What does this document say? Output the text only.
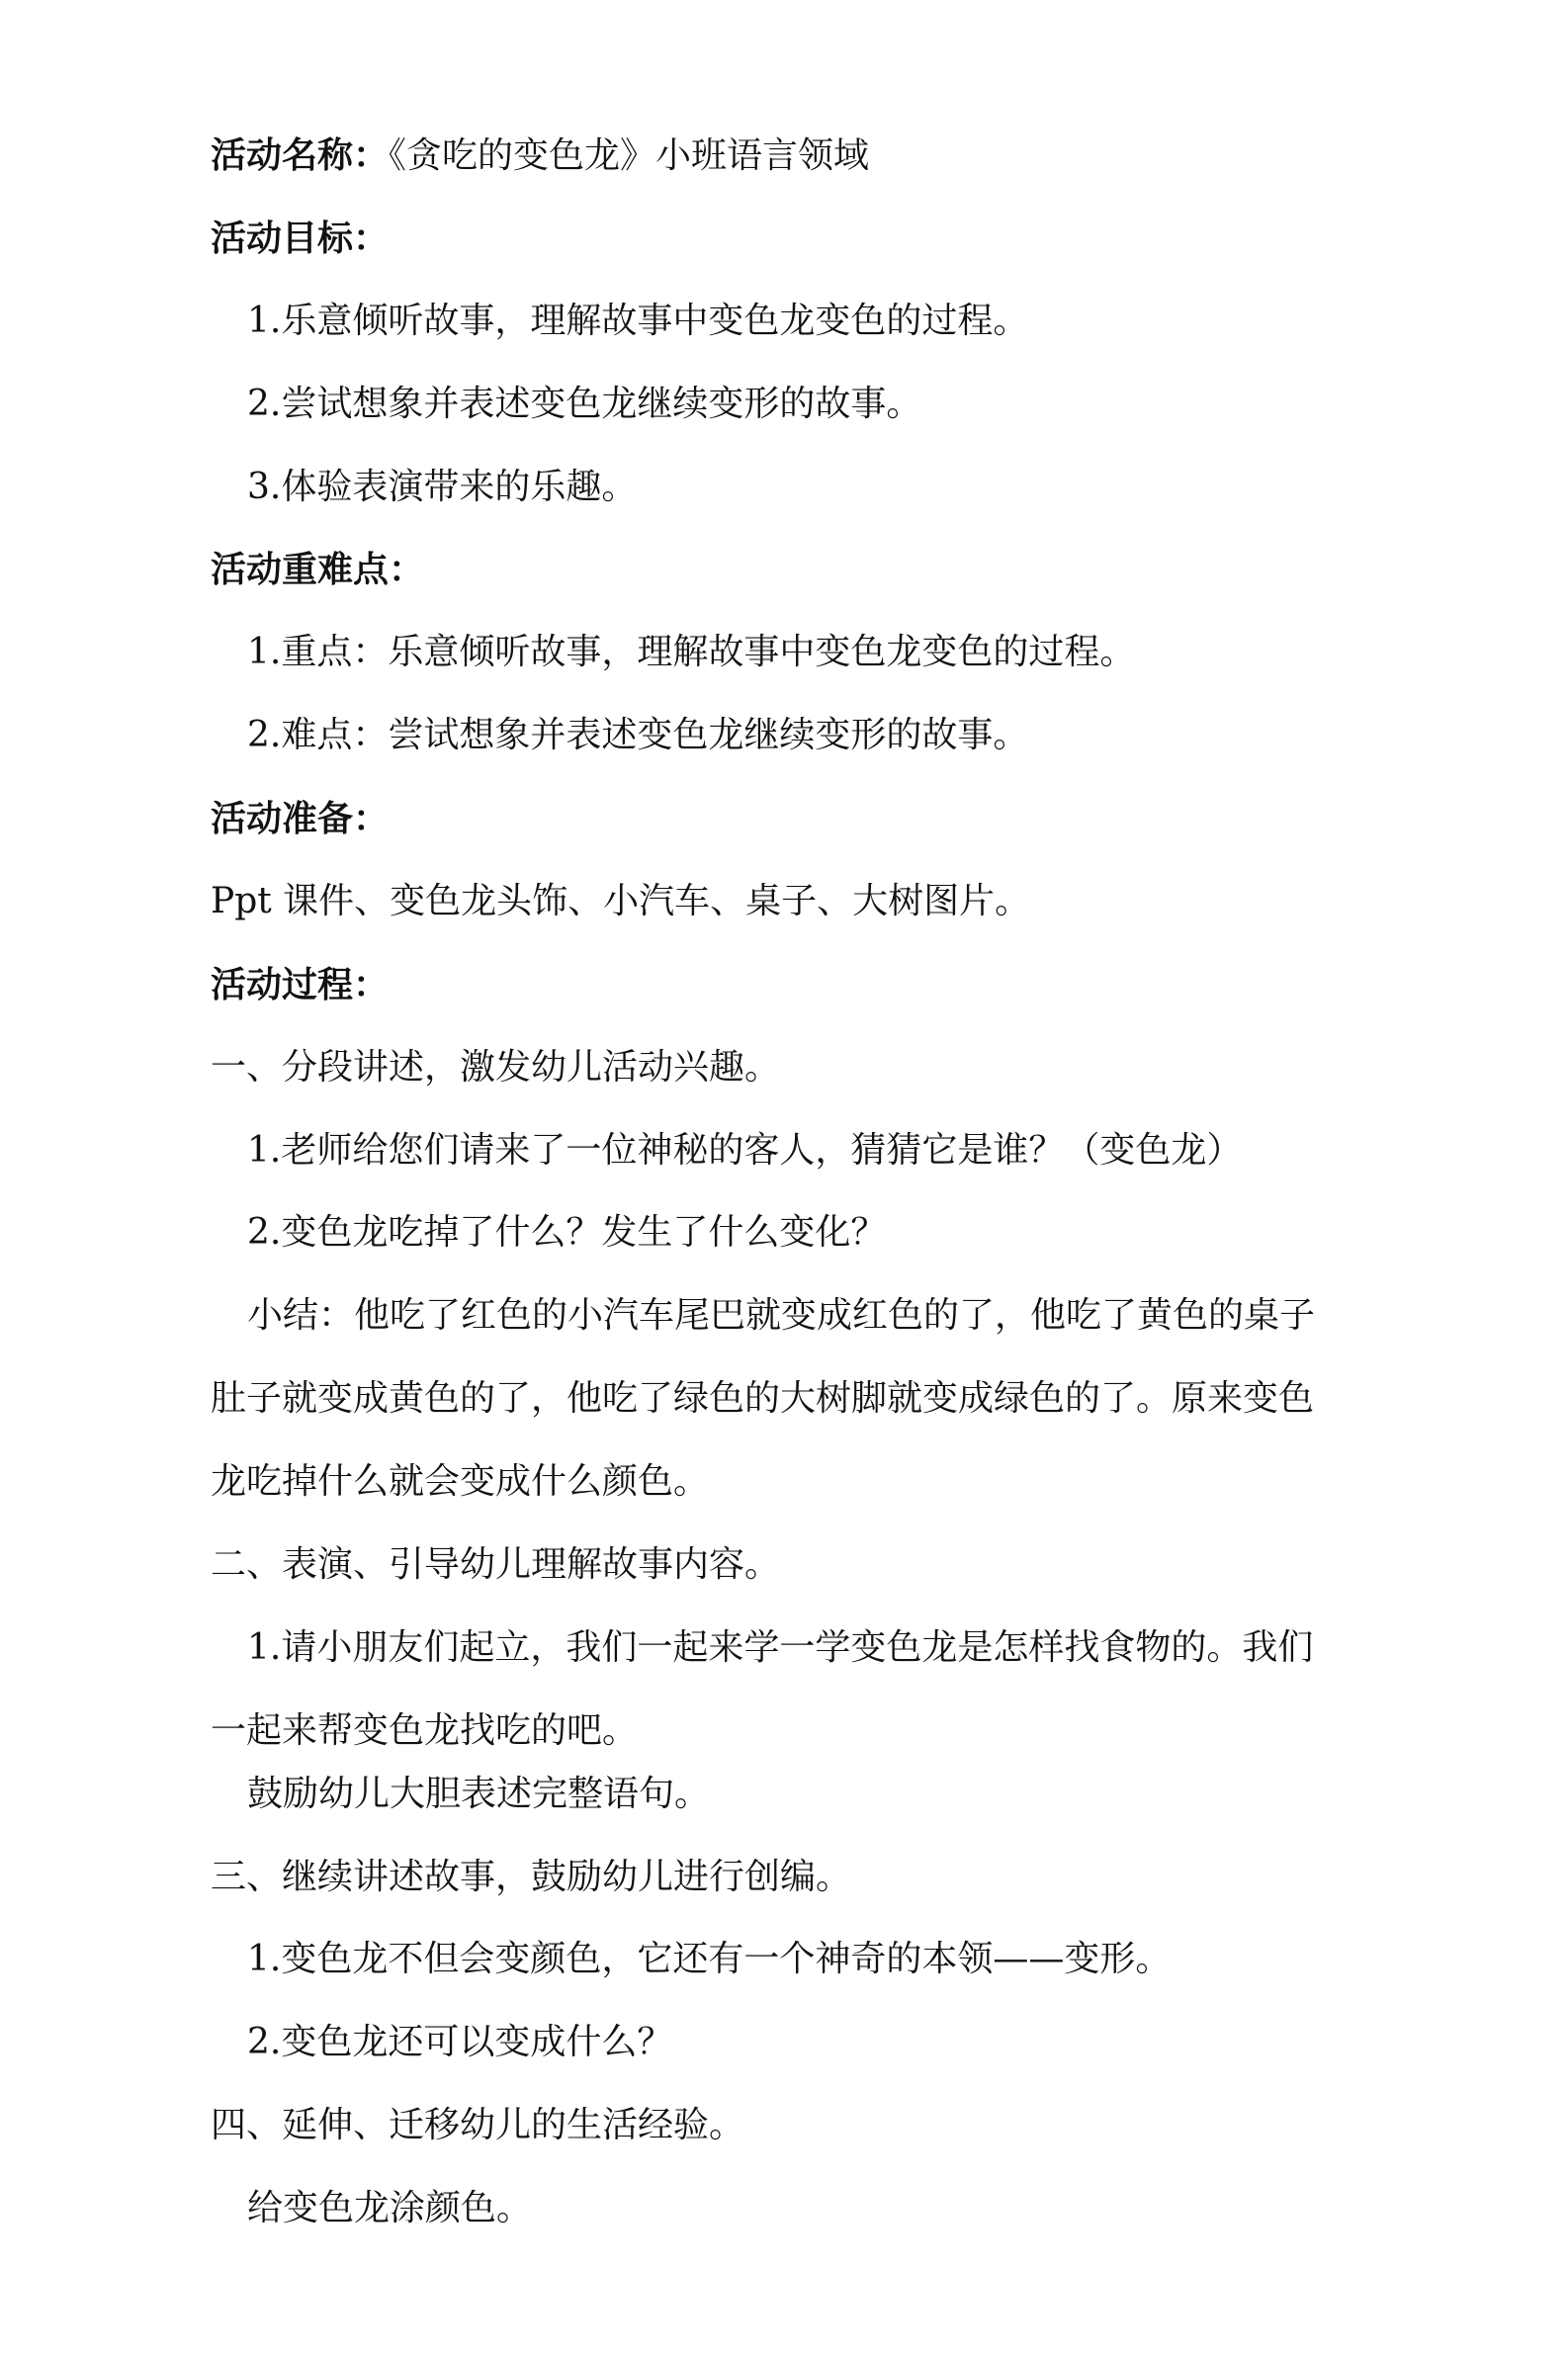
活动名称：《贪吃的变色龙》小班语言领域
活动目标：
1.乐意倾听故事，理解故事中变色龙变色的过程。
2.尝试想象并表述变色龙继续变形的故事。
3.体验表演带来的乐趣。
活动重难点：
1.重点：乐意倾听故事，理解故事中变色龙变色的过程。
2.难点：尝试想象并表述变色龙继续变形的故事。
活动准备：
Ppt 课件、变色龙头饰、小汽车、桌子、大树图片。
活动过程：
一、分段讲述，激发幼儿活动兴趣。
1.老师给您们请来了一位神秘的客人，猜猜它是谁？（变色龙）
2.变色龙吃掉了什么？发生了什么变化？
小结：他吃了红色的小汽车尾巴就变成红色的了，他吃了黄色的桌子
肚子就变成黄色的了，他吃了绿色的大树脚就变成绿色的了。原来变色
龙吃掉什么就会变成什么颜色。
二、表演、引导幼儿理解故事内容。
1.请小朋友们起立，我们一起来学一学变色龙是怎样找食物的。我们
一起来帮变色龙找吃的吧。
鼓励幼儿大胆表述完整语句。
三、继续讲述故事，鼓励幼儿进行创编。
1.变色龙不但会变颜色，它还有一个神奇的本领——变形。
2.变色龙还可以变成什么？
四、延伸、迁移幼儿的生活经验。
给变色龙涂颜色。
